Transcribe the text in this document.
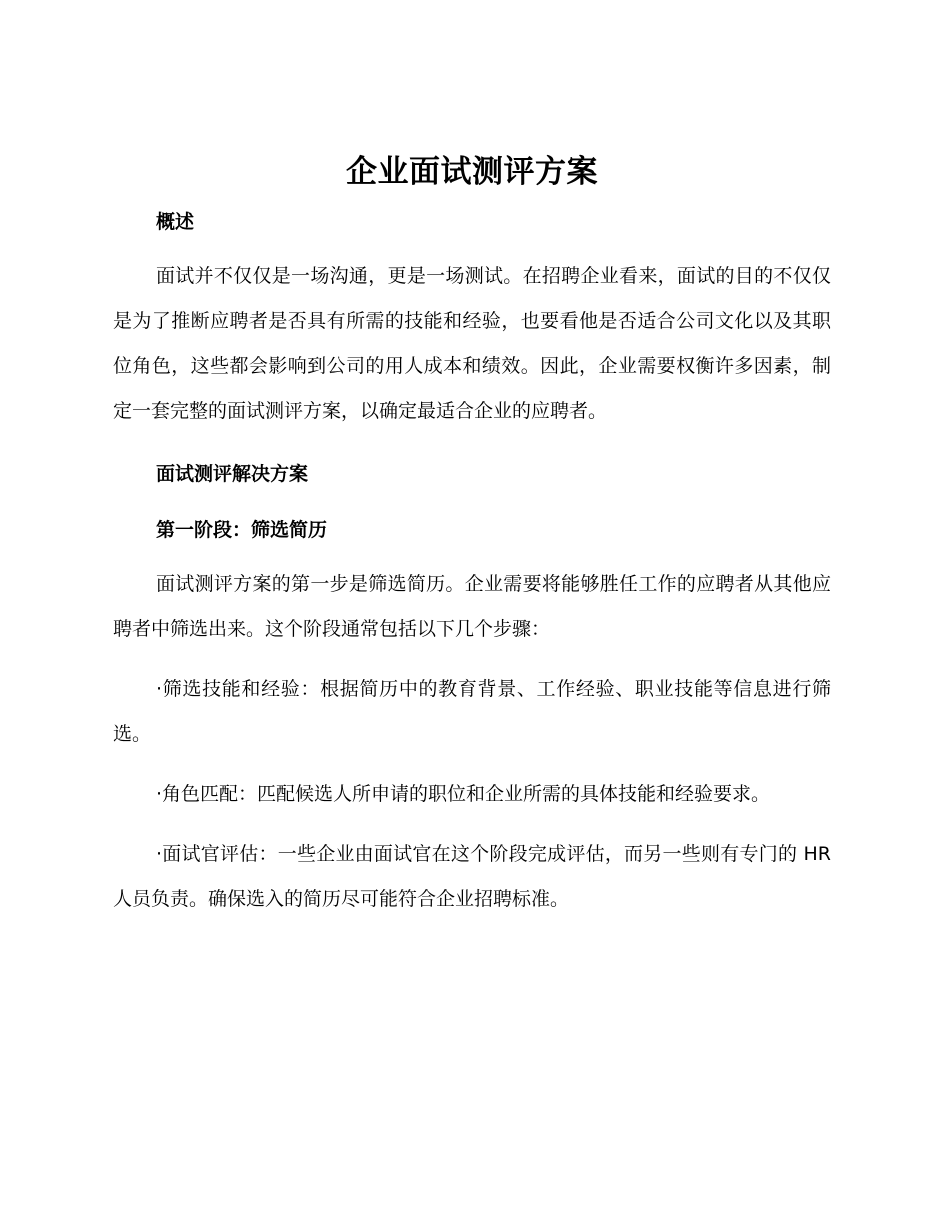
企业面试测评方案
概述

面试并不仅仅是一场沟通，更是一场测试。在招聘企业看来，面试的目的不仅仅是为了推断应聘者是否具有所需的技能和经验，也要看他是否适合公司文化以及其职位角色，这些都会影响到公司的用人成本和绩效。因此，企业需要权衡许多因素，制定一套完整的面试测评方案，以确定最适合企业的应聘者。

面试测评解决方案
第一阶段：筛选简历

面试测评方案的第一步是筛选简历。企业需要将能够胜任工作的应聘者从其他应聘者中筛选出来。这个阶段通常包括以下几个步骤：

·筛选技能和经验：根据简历中的教育背景、工作经验、职业技能等信息进行筛选。

·角色匹配：匹配候选人所申请的职位和企业所需的具体技能和经验要求。

·面试官评估：一些企业由面试官在这个阶段完成评估，而另一些则有专门的 HR 人员负责。确保选入的简历尽可能符合企业招聘标准。
